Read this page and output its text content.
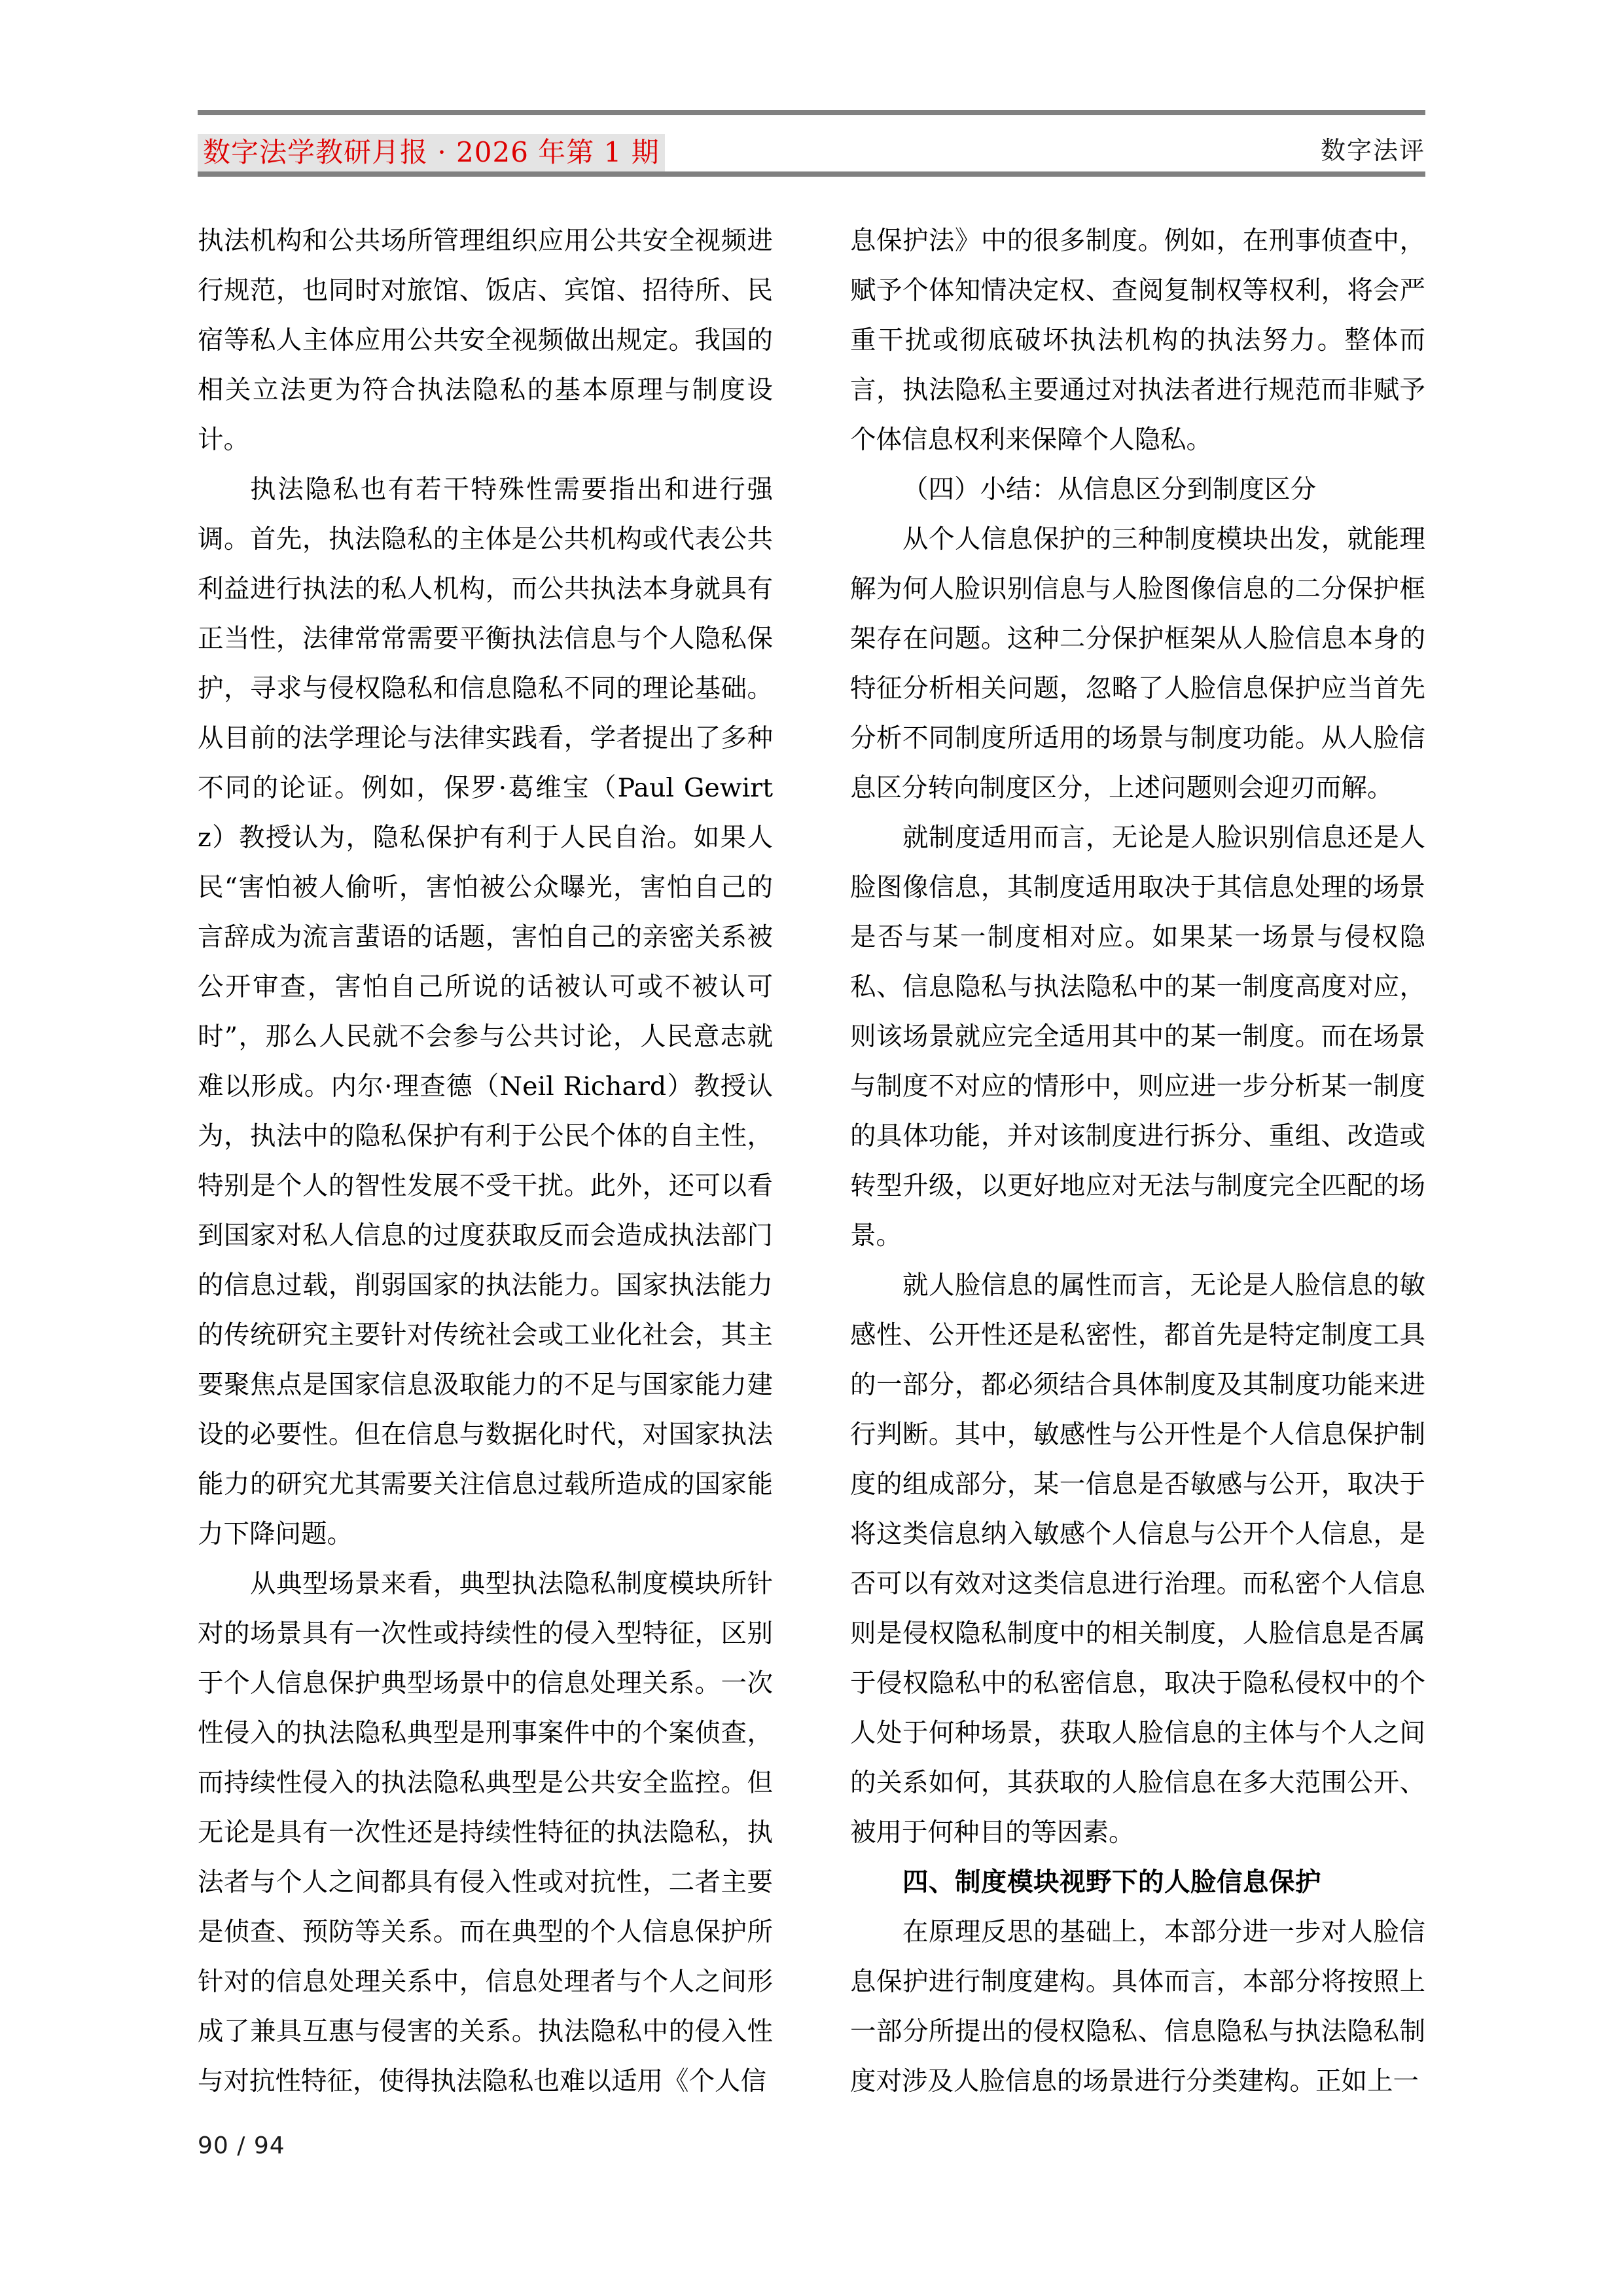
数字法学教研月报 · 2026 年第 1 期	数字法评

执法机构和公共场所管理组织应用公共安全视频进行规范，也同时对旅馆、饭店、宾馆、招待所、民宿等私人主体应用公共安全视频做出规定。我国的相关立法更为符合执法隐私的基本原理与制度设计。

执法隐私也有若干特殊性需要指出和进行强调。首先，执法隐私的主体是公共机构或代表公共利益进行执法的私人机构，而公共执法本身就具有正当性，法律常常需要平衡执法信息与个人隐私保护，寻求与侵权隐私和信息隐私不同的理论基础。从目前的法学理论与法律实践看，学者提出了多种不同的论证。例如，保罗·葛维宝（Paul Gewirtz）教授认为，隐私保护有利于人民自治。如果人民“害怕被人偷听，害怕被公众曝光，害怕自己的言辞成为流言蜚语的话题，害怕自己的亲密关系被公开审查，害怕自己所说的话被认可或不被认可时”，那么人民就不会参与公共讨论，人民意志就难以形成。内尔·理查德（Neil Richard）教授认为，执法中的隐私保护有利于公民个体的自主性，特别是个人的智性发展不受干扰。此外，还可以看到国家对私人信息的过度获取反而会造成执法部门的信息过载，削弱国家的执法能力。国家执法能力的传统研究主要针对传统社会或工业化社会，其主要聚焦点是国家信息汲取能力的不足与国家能力建设的必要性。但在信息与数据化时代，对国家执法能力的研究尤其需要关注信息过载所造成的国家能力下降问题。

从典型场景来看，典型执法隐私制度模块所针对的场景具有一次性或持续性的侵入型特征，区别于个人信息保护典型场景中的信息处理关系。一次性侵入的执法隐私典型是刑事案件中的个案侦查，而持续性侵入的执法隐私典型是公共安全监控。但无论是具有一次性还是持续性特征的执法隐私，执法者与个人之间都具有侵入性或对抗性，二者主要是侦查、预防等关系。而在典型的个人信息保护所针对的信息处理关系中，信息处理者与个人之间形成了兼具互惠与侵害的关系。执法隐私中的侵入性与对抗性特征，使得执法隐私也难以适用《个人信

息保护法》中的很多制度。例如，在刑事侦查中，赋予个体知情决定权、查阅复制权等权利，将会严重干扰或彻底破坏执法机构的执法努力。整体而言，执法隐私主要通过对执法者进行规范而非赋予个体信息权利来保障个人隐私。

（四）小结：从信息区分到制度区分

从个人信息保护的三种制度模块出发，就能理解为何人脸识别信息与人脸图像信息的二分保护框架存在问题。这种二分保护框架从人脸信息本身的特征分析相关问题，忽略了人脸信息保护应当首先分析不同制度所适用的场景与制度功能。从人脸信息区分转向制度区分，上述问题则会迎刃而解。

就制度适用而言，无论是人脸识别信息还是人脸图像信息，其制度适用取决于其信息处理的场景是否与某一制度相对应。如果某一场景与侵权隐私、信息隐私与执法隐私中的某一制度高度对应，则该场景就应完全适用其中的某一制度。而在场景与制度不对应的情形中，则应进一步分析某一制度的具体功能，并对该制度进行拆分、重组、改造或转型升级，以更好地应对无法与制度完全匹配的场景。

就人脸信息的属性而言，无论是人脸信息的敏感性、公开性还是私密性，都首先是特定制度工具的一部分，都必须结合具体制度及其制度功能来进行判断。其中，敏感性与公开性是个人信息保护制度的组成部分，某一信息是否敏感与公开，取决于将这类信息纳入敏感个人信息与公开个人信息，是否可以有效对这类信息进行治理。而私密个人信息则是侵权隐私制度中的相关制度，人脸信息是否属于侵权隐私中的私密信息，取决于隐私侵权中的个人处于何种场景，获取人脸信息的主体与个人之间的关系如何，其获取的人脸信息在多大范围公开、被用于何种目的等因素。

四、制度模块视野下的人脸信息保护

在原理反思的基础上，本部分进一步对人脸信息保护进行制度建构。具体而言，本部分将按照上一部分所提出的侵权隐私、信息隐私与执法隐私制度对涉及人脸信息的场景进行分类建构。正如上一

90 / 94
